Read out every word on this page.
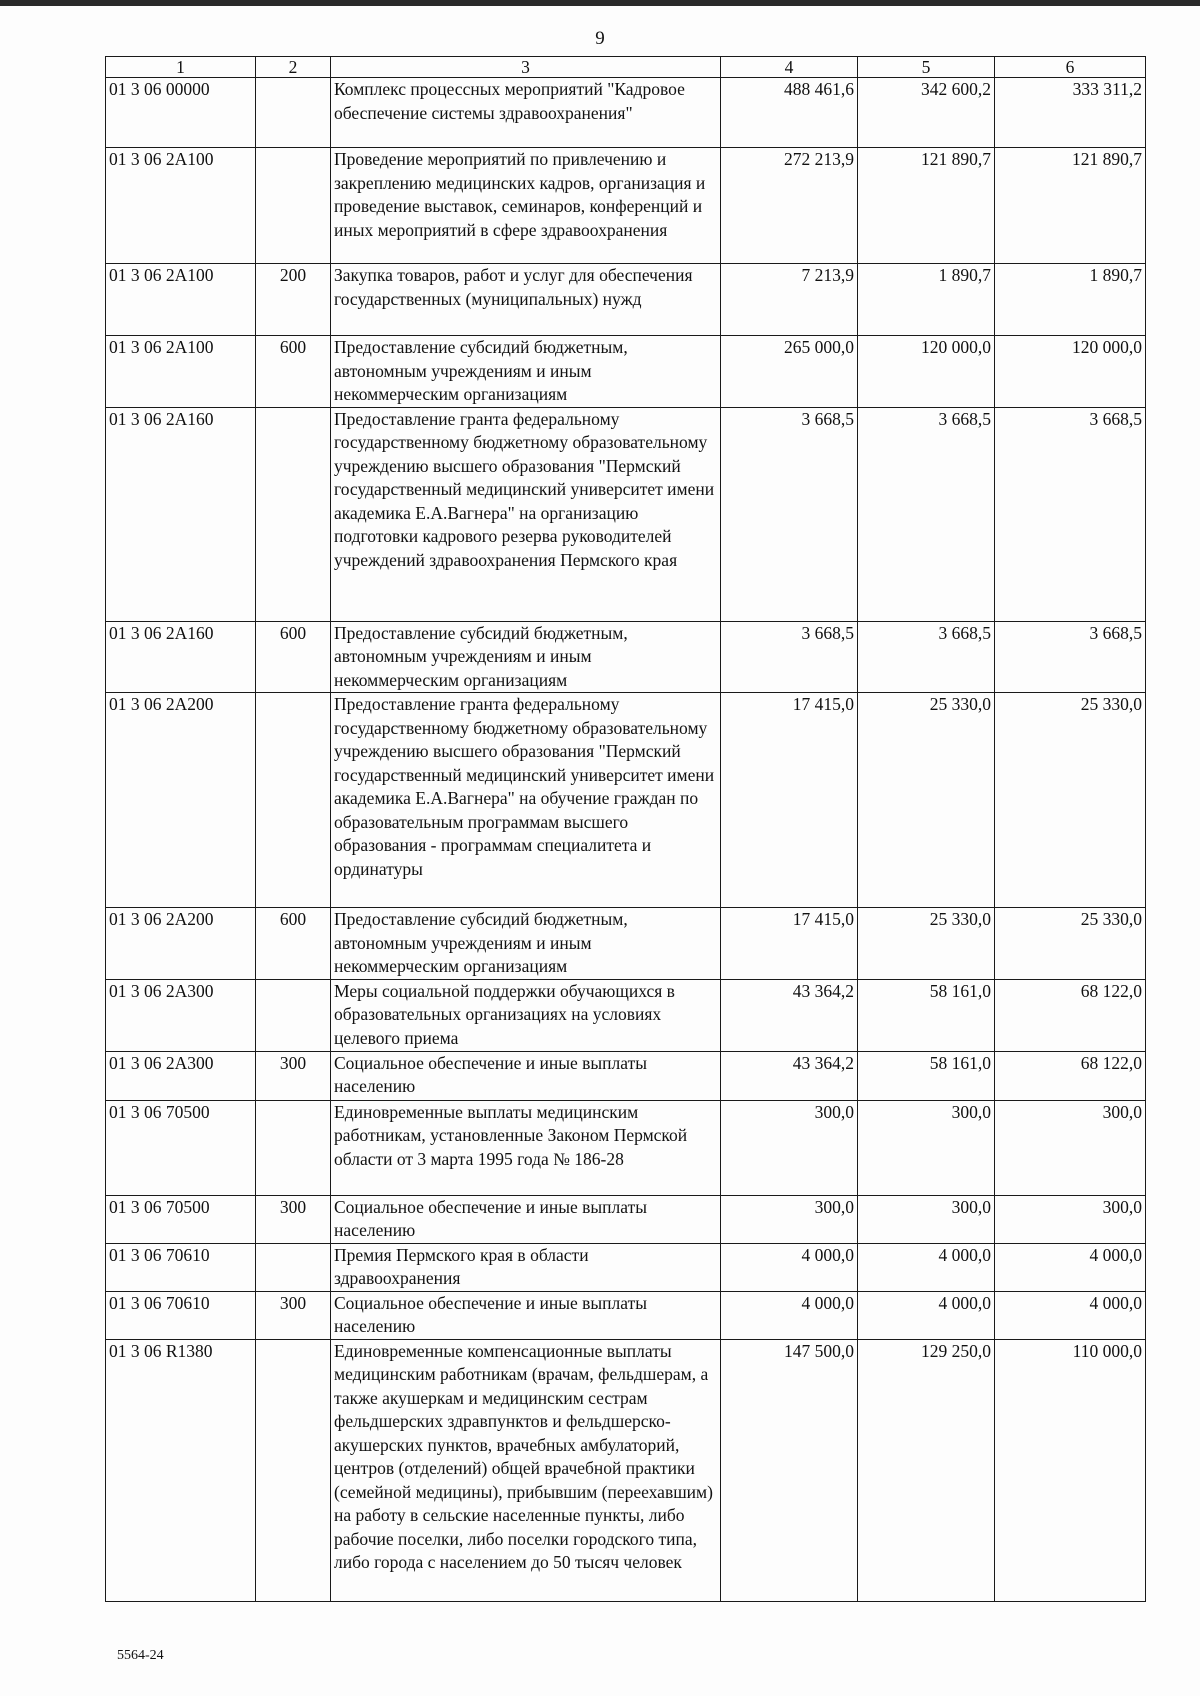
9
1	2	3	4	5	6
01 3 06 00000		Комплекс процессных мероприятий "Кадровое обеспечение системы здравоохранения"	488 461,6	342 600,2	333 311,2
01 3 06 2А100		Проведение мероприятий по привлечению и закреплению медицинских кадров, организация и проведение выставок, семинаров, конференций и иных мероприятий в сфере здравоохранения	272 213,9	121 890,7	121 890,7
01 3 06 2А100	200	Закупка товаров, работ и услуг для обеспечения государственных (муниципальных) нужд	7 213,9	1 890,7	1 890,7
01 3 06 2А100	600	Предоставление субсидий бюджетным, автономным учреждениям и иным некоммерческим организациям	265 000,0	120 000,0	120 000,0
01 3 06 2А160		Предоставление гранта федеральному государственному бюджетному образовательному учреждению высшего образования "Пермский государственный медицинский университет имени академика Е.А.Вагнера" на организацию подготовки кадрового резерва руководителей учреждений здравоохранения Пермского края	3 668,5	3 668,5	3 668,5
01 3 06 2А160	600	Предоставление субсидий бюджетным, автономным учреждениям и иным некоммерческим организациям	3 668,5	3 668,5	3 668,5
01 3 06 2А200		Предоставление гранта федеральному государственному бюджетному образовательному учреждению высшего образования "Пермский государственный медицинский университет имени академика Е.А.Вагнера" на обучение граждан по образовательным программам высшего образования - программам специалитета и ординатуры	17 415,0	25 330,0	25 330,0
01 3 06 2А200	600	Предоставление субсидий бюджетным, автономным учреждениям и иным некоммерческим организациям	17 415,0	25 330,0	25 330,0
01 3 06 2А300		Меры социальной поддержки обучающихся в образовательных организациях на условиях целевого приема	43 364,2	58 161,0	68 122,0
01 3 06 2А300	300	Социальное обеспечение и иные выплаты населению	43 364,2	58 161,0	68 122,0
01 3 06 70500		Единовременные выплаты медицинским работникам, установленные Законом Пермской области от 3 марта 1995 года № 186-28	300,0	300,0	300,0
01 3 06 70500	300	Социальное обеспечение и иные выплаты населению	300,0	300,0	300,0
01 3 06 70610		Премия Пермского края в области здравоохранения	4 000,0	4 000,0	4 000,0
01 3 06 70610	300	Социальное обеспечение и иные выплаты населению	4 000,0	4 000,0	4 000,0
01 3 06 R1380		Единовременные компенсационные выплаты медицинским работникам (врачам, фельдшерам, а также акушеркам и медицинским сестрам фельдшерских здравпунктов и фельдшерско-акушерских пунктов, врачебных амбулаторий, центров (отделений) общей врачебной практики (семейной медицины), прибывшим (переехавшим) на работу в сельские населенные пункты, либо рабочие поселки, либо поселки городского типа, либо города с населением до 50 тысяч человек	147 500,0	129 250,0	110 000,0
5564-24
